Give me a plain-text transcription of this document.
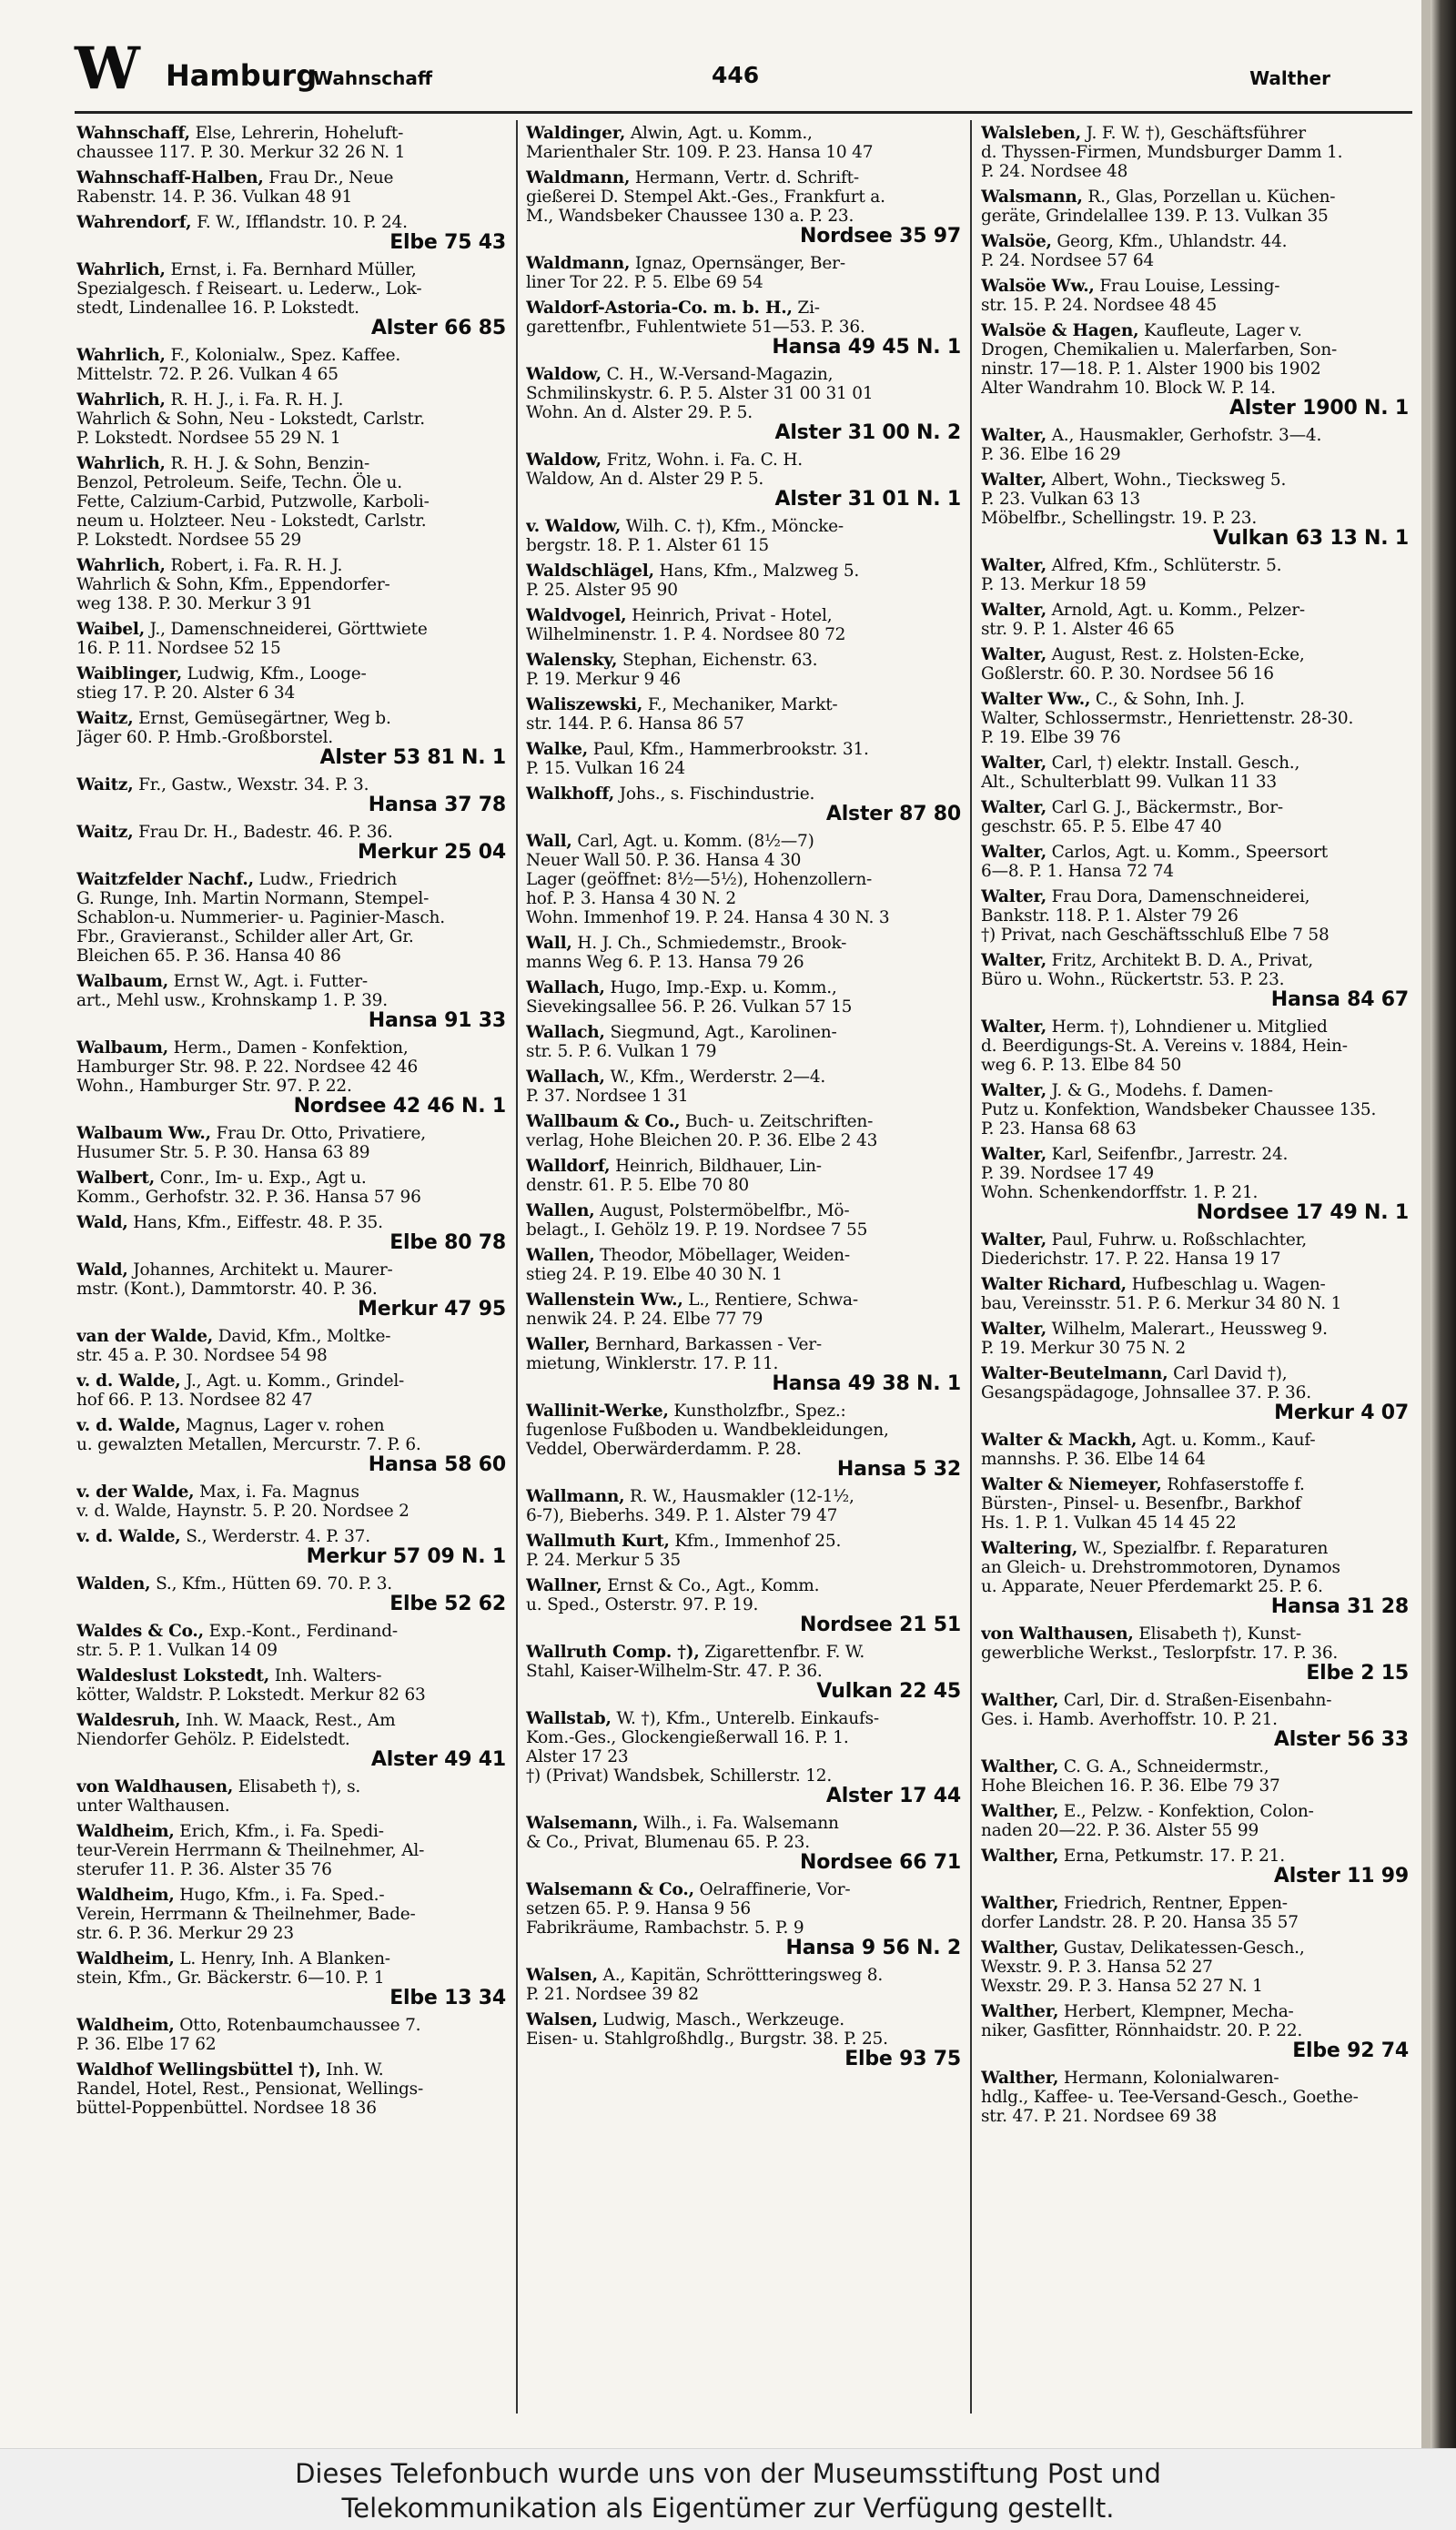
W Hamburg
Wahnschaff	446	Walther
Wahnschaff, Else, Lehrerin, Hoheluft-
chaussee 117. P. 30. Merkur 32 26 N. 1
Wahnschaff-Halben, Frau Dr., Neue
Rabenstr. 14. P. 36. Vulkan 48 91
Wahrendorf, F. W., Ifflandstr. 10. P. 24.
Elbe 75 43
Wahrlich, Ernst, i. Fa. Bernhard Müller,
Spezialgesch. f Reiseart. u. Lederw., Lok-
stedt, Lindenallee 16. P. Lokstedt.
Alster 66 85
Wahrlich, F., Kolonialw., Spez. Kaffee.
Mittelstr. 72. P. 26. Vulkan 4 65
Wahrlich, R. H. J., i. Fa. R. H. J.
Wahrlich & Sohn, Neu - Lokstedt, Carlstr.
P. Lokstedt. Nordsee 55 29 N. 1
Wahrlich, R. H. J. & Sohn, Benzin-
Benzol, Petroleum. Seife, Techn. Öle u.
Fette, Calzium-Carbid, Putzwolle, Karboli-
neum u. Holzteer. Neu - Lokstedt, Carlstr.
P. Lokstedt. Nordsee 55 29
Wahrlich, Robert, i. Fa. R. H. J.
Wahrlich & Sohn, Kfm., Eppendorfer-
weg 138. P. 30. Merkur 3 91
Waibel, J., Damenschneiderei, Görttwiete
16. P. 11. Nordsee 52 15
Waiblinger, Ludwig, Kfm., Looge-
stieg 17. P. 20. Alster 6 34
Waitz, Ernst, Gemüsegärtner, Weg b.
Jäger 60. P. Hmb.-Großborstel.
Alster 53 81 N. 1
Waitz, Fr., Gastw., Wexstr. 34. P. 3.
Hansa 37 78
Waitz, Frau Dr. H., Badestr. 46. P. 36.
Merkur 25 04
Waitzfelder Nachf., Ludw., Friedrich
G. Runge, Inh. Martin Normann, Stempel-
Schablon-u. Nummerier- u. Paginier-Masch.
Fbr., Gravieranst., Schilder aller Art, Gr.
Bleichen 65. P. 36. Hansa 40 86
Walbaum, Ernst W., Agt. i. Futter-
art., Mehl usw., Krohnskamp 1. P. 39.
Hansa 91 33
Walbaum, Herm., Damen - Konfektion,
Hamburger Str. 98. P. 22. Nordsee 42 46
Wohn., Hamburger Str. 97. P. 22.
Nordsee 42 46 N. 1
Walbaum Ww., Frau Dr. Otto, Privatiere,
Husumer Str. 5. P. 30. Hansa 63 89
Walbert, Conr., Im- u. Exp., Agt u.
Komm., Gerhofstr. 32. P. 36. Hansa 57 96
Wald, Hans, Kfm., Eiffestr. 48. P. 35.
Elbe 80 78
Wald, Johannes, Architekt u. Maurer-
mstr. (Kont.), Dammtorstr. 40. P. 36.
Merkur 47 95
van der Walde, David, Kfm., Moltke-
str. 45 a. P. 30. Nordsee 54 98
v. d. Walde, J., Agt. u. Komm., Grindel-
hof 66. P. 13. Nordsee 82 47
v. d. Walde, Magnus, Lager v. rohen
u. gewalzten Metallen, Mercurstr. 7. P. 6.
Hansa 58 60
v. der Walde, Max, i. Fa. Magnus
v. d. Walde, Haynstr. 5. P. 20. Nordsee 2
v. d. Walde, S., Werderstr. 4. P. 37.
Merkur 57 09 N. 1
Walden, S., Kfm., Hütten 69. 70. P. 3.
Elbe 52 62
Waldes & Co., Exp.-Kont., Ferdinand-
str. 5. P. 1. Vulkan 14 09
Waldeslust Lokstedt, Inh. Walters-
kötter, Waldstr. P. Lokstedt. Merkur 82 63
Waldesruh, Inh. W. Maack, Rest., Am
Niendorfer Gehölz. P. Eidelstedt.
Alster 49 41
von Waldhausen, Elisabeth †), s.
unter Walthausen.
Waldheim, Erich, Kfm., i. Fa. Spedi-
teur-Verein Herrmann & Theilnehmer, Al-
sterufer 11. P. 36. Alster 35 76
Waldheim, Hugo, Kfm., i. Fa. Sped.-
Verein, Herrmann & Theilnehmer, Bade-
str. 6. P. 36. Merkur 29 23
Waldheim, L. Henry, Inh. A Blanken-
stein, Kfm., Gr. Bäckerstr. 6—10. P. 1
Elbe 13 34
Waldheim, Otto, Rotenbaumchaussee 7.
P. 36. Elbe 17 62
Waldhof Wellingsbüttel †), Inh. W.
Randel, Hotel, Rest., Pensionat, Wellings-
büttel-Poppenbüttel. Nordsee 18 36
Waldinger, Alwin, Agt. u. Komm.,
Marienthaler Str. 109. P. 23. Hansa 10 47
Waldmann, Hermann, Vertr. d. Schrift-
gießerei D. Stempel Akt.-Ges., Frankfurt a.
M., Wandsbeker Chaussee 130 a. P. 23.
Nordsee 35 97
Waldmann, Ignaz, Opernsänger, Ber-
liner Tor 22. P. 5. Elbe 69 54
Waldorf-Astoria-Co. m. b. H., Zi-
garettenfbr., Fuhlentwiete 51—53. P. 36.
Hansa 49 45 N. 1
Waldow, C. H., W.-Versand-Magazin,
Schmilinskystr. 6. P. 5. Alster 31 00 31 01
Wohn. An d. Alster 29. P. 5.
Alster 31 00 N. 2
Waldow, Fritz, Wohn. i. Fa. C. H.
Waldow, An d. Alster 29 P. 5.
Alster 31 01 N. 1
v. Waldow, Wilh. C. †), Kfm., Möncke-
bergstr. 18. P. 1. Alster 61 15
Waldschlägel, Hans, Kfm., Malzweg 5.
P. 25. Alster 95 90
Waldvogel, Heinrich, Privat - Hotel,
Wilhelminenstr. 1. P. 4. Nordsee 80 72
Walensky, Stephan, Eichenstr. 63.
P. 19. Merkur 9 46
Waliszewski, F., Mechaniker, Markt-
str. 144. P. 6. Hansa 86 57
Walke, Paul, Kfm., Hammerbrookstr. 31.
P. 15. Vulkan 16 24
Walkhoff, Johs., s. Fischindustrie.
Alster 87 80
Wall, Carl, Agt. u. Komm. (8½—7)
Neuer Wall 50. P. 36. Hansa 4 30
Lager (geöffnet: 8½—5½), Hohenzollern-
hof. P. 3. Hansa 4 30 N. 2
Wohn. Immenhof 19. P. 24. Hansa 4 30 N. 3
Wall, H. J. Ch., Schmiedemstr., Brook-
manns Weg 6. P. 13. Hansa 79 26
Wallach, Hugo, Imp.-Exp. u. Komm.,
Sievekingsallee 56. P. 26. Vulkan 57 15
Wallach, Siegmund, Agt., Karolinen-
str. 5. P. 6. Vulkan 1 79
Wallach, W., Kfm., Werderstr. 2—4.
P. 37. Nordsee 1 31
Wallbaum & Co., Buch- u. Zeitschriften-
verlag, Hohe Bleichen 20. P. 36. Elbe 2 43
Walldorf, Heinrich, Bildhauer, Lin-
denstr. 61. P. 5. Elbe 70 80
Wallen, August, Polstermöbelfbr., Mö-
belagt., I. Gehölz 19. P. 19. Nordsee 7 55
Wallen, Theodor, Möbellager, Weiden-
stieg 24. P. 19. Elbe 40 30 N. 1
Wallenstein Ww., L., Rentiere, Schwa-
nenwik 24. P. 24. Elbe 77 79
Waller, Bernhard, Barkassen - Ver-
mietung, Winklerstr. 17. P. 11.
Hansa 49 38 N. 1
Wallinit-Werke, Kunstholzfbr., Spez.:
fugenlose Fußboden u. Wandbekleidungen,
Veddel, Oberwärderdamm. P. 28.
Hansa 5 32
Wallmann, R. W., Hausmakler (12-1½,
6-7), Bieberhs. 349. P. 1. Alster 79 47
Wallmuth Kurt, Kfm., Immenhof 25.
P. 24. Merkur 5 35
Wallner, Ernst & Co., Agt., Komm.
u. Sped., Osterstr. 97. P. 19.
Nordsee 21 51
Wallruth Comp. †), Zigarettenfbr. F. W.
Stahl, Kaiser-Wilhelm-Str. 47. P. 36.
Vulkan 22 45
Wallstab, W. †), Kfm., Unterelb. Einkaufs-
Kom.-Ges., Glockengießerwall 16. P. 1.
Alster 17 23
†) (Privat) Wandsbek, Schillerstr. 12.
Alster 17 44
Walsemann, Wilh., i. Fa. Walsemann
& Co., Privat, Blumenau 65. P. 23.
Nordsee 66 71
Walsemann & Co., Oelraffinerie, Vor-
setzen 65. P. 9. Hansa 9 56
Fabrikräume, Rambachstr. 5. P. 9
Hansa 9 56 N. 2
Walsen, A., Kapitän, Schröttteringsweg 8.
P. 21. Nordsee 39 82
Walsen, Ludwig, Masch., Werkzeuge.
Eisen- u. Stahlgroßhdlg., Burgstr. 38. P. 25.
Elbe 93 75
Walsleben, J. F. W. †), Geschäftsführer
d. Thyssen-Firmen, Mundsburger Damm 1.
P. 24. Nordsee 48
Walsmann, R., Glas, Porzellan u. Küchen-
geräte, Grindelallee 139. P. 13. Vulkan 35
Walsöe, Georg, Kfm., Uhlandstr. 44.
P. 24. Nordsee 57 64
Walsöe Ww., Frau Louise, Lessing-
str. 15. P. 24. Nordsee 48 45
Walsöe & Hagen, Kaufleute, Lager v.
Drogen, Chemikalien u. Malerfarben, Son-
ninstr. 17—18. P. 1. Alster 1900 bis 1902
Alter Wandrahm 10. Block W. P. 14.
Alster 1900 N. 1
Walter, A., Hausmakler, Gerhofstr. 3—4.
P. 36. Elbe 16 29
Walter, Albert, Wohn., Tiecksweg 5.
P. 23. Vulkan 63 13
Möbelfbr., Schellingstr. 19. P. 23.
Vulkan 63 13 N. 1
Walter, Alfred, Kfm., Schlüterstr. 5.
P. 13. Merkur 18 59
Walter, Arnold, Agt. u. Komm., Pelzer-
str. 9. P. 1. Alster 46 65
Walter, August, Rest. z. Holsten-Ecke,
Goßlerstr. 60. P. 30. Nordsee 56 16
Walter Ww., C., & Sohn, Inh. J.
Walter, Schlossermstr., Henriettenstr. 28-30.
P. 19. Elbe 39 76
Walter, Carl, †) elektr. Install. Gesch.,
Alt., Schulterblatt 99. Vulkan 11 33
Walter, Carl G. J., Bäckermstr., Bor-
geschstr. 65. P. 5. Elbe 47 40
Walter, Carlos, Agt. u. Komm., Speersort
6—8. P. 1. Hansa 72 74
Walter, Frau Dora, Damenschneiderei,
Bankstr. 118. P. 1. Alster 79 26
†) Privat, nach Geschäftsschluß Elbe 7 58
Walter, Fritz, Architekt B. D. A., Privat,
Büro u. Wohn., Rückertstr. 53. P. 23.
Hansa 84 67
Walter, Herm. †), Lohndiener u. Mitglied
d. Beerdigungs-St. A. Vereins v. 1884, Hein-
weg 6. P. 13. Elbe 84 50
Walter, J. & G., Modehs. f. Damen-
Putz u. Konfektion, Wandsbeker Chaussee 135.
P. 23. Hansa 68 63
Walter, Karl, Seifenfbr., Jarrestr. 24.
P. 39. Nordsee 17 49
Wohn. Schenkendorffstr. 1. P. 21.
Nordsee 17 49 N. 1
Walter, Paul, Fuhrw. u. Roßschlachter,
Diederichstr. 17. P. 22. Hansa 19 17
Walter Richard, Hufbeschlag u. Wagen-
bau, Vereinsstr. 51. P. 6. Merkur 34 80 N. 1
Walter, Wilhelm, Malerart., Heussweg 9.
P. 19. Merkur 30 75 N. 2
Walter-Beutelmann, Carl David †),
Gesangspädagoge, Johnsallee 37. P. 36.
Merkur 4 07
Walter & Mackh, Agt. u. Komm., Kauf-
mannshs. P. 36. Elbe 14 64
Walter & Niemeyer, Rohfaserstoffe f.
Bürsten-, Pinsel- u. Besenfbr., Barkhof
Hs. 1. P. 1. Vulkan 45 14 45 22
Waltering, W., Spezialfbr. f. Reparaturen
an Gleich- u. Drehstrommotoren, Dynamos
u. Apparate, Neuer Pferdemarkt 25. P. 6.
Hansa 31 28
von Walthausen, Elisabeth †), Kunst-
gewerbliche Werkst., Teslorpfstr. 17. P. 36.
Elbe 2 15
Walther, Carl, Dir. d. Straßen-Eisenbahn-
Ges. i. Hamb. Averhoffstr. 10. P. 21.
Alster 56 33
Walther, C. G. A., Schneidermstr.,
Hohe Bleichen 16. P. 36. Elbe 79 37
Walther, E., Pelzw. - Konfektion, Colon-
naden 20—22. P. 36. Alster 55 99
Walther, Erna, Petkumstr. 17. P. 21.
Alster 11 99
Walther, Friedrich, Rentner, Eppen-
dorfer Landstr. 28. P. 20. Hansa 35 57
Walther, Gustav, Delikatessen-Gesch.,
Wexstr. 9. P. 3. Hansa 52 27
Wexstr. 29. P. 3. Hansa 52 27 N. 1
Walther, Herbert, Klempner, Mecha-
niker, Gasfitter, Rönnhaidstr. 20. P. 22.
Elbe 92 74
Walther, Hermann, Kolonialwaren-
hdlg., Kaffee- u. Tee-Versand-Gesch., Goethe-
str. 47. P. 21. Nordsee 69 38
Dieses Telefonbuch wurde uns von der Museumsstiftung Post und
Telekommunikation als Eigentümer zur Verfügung gestellt.
